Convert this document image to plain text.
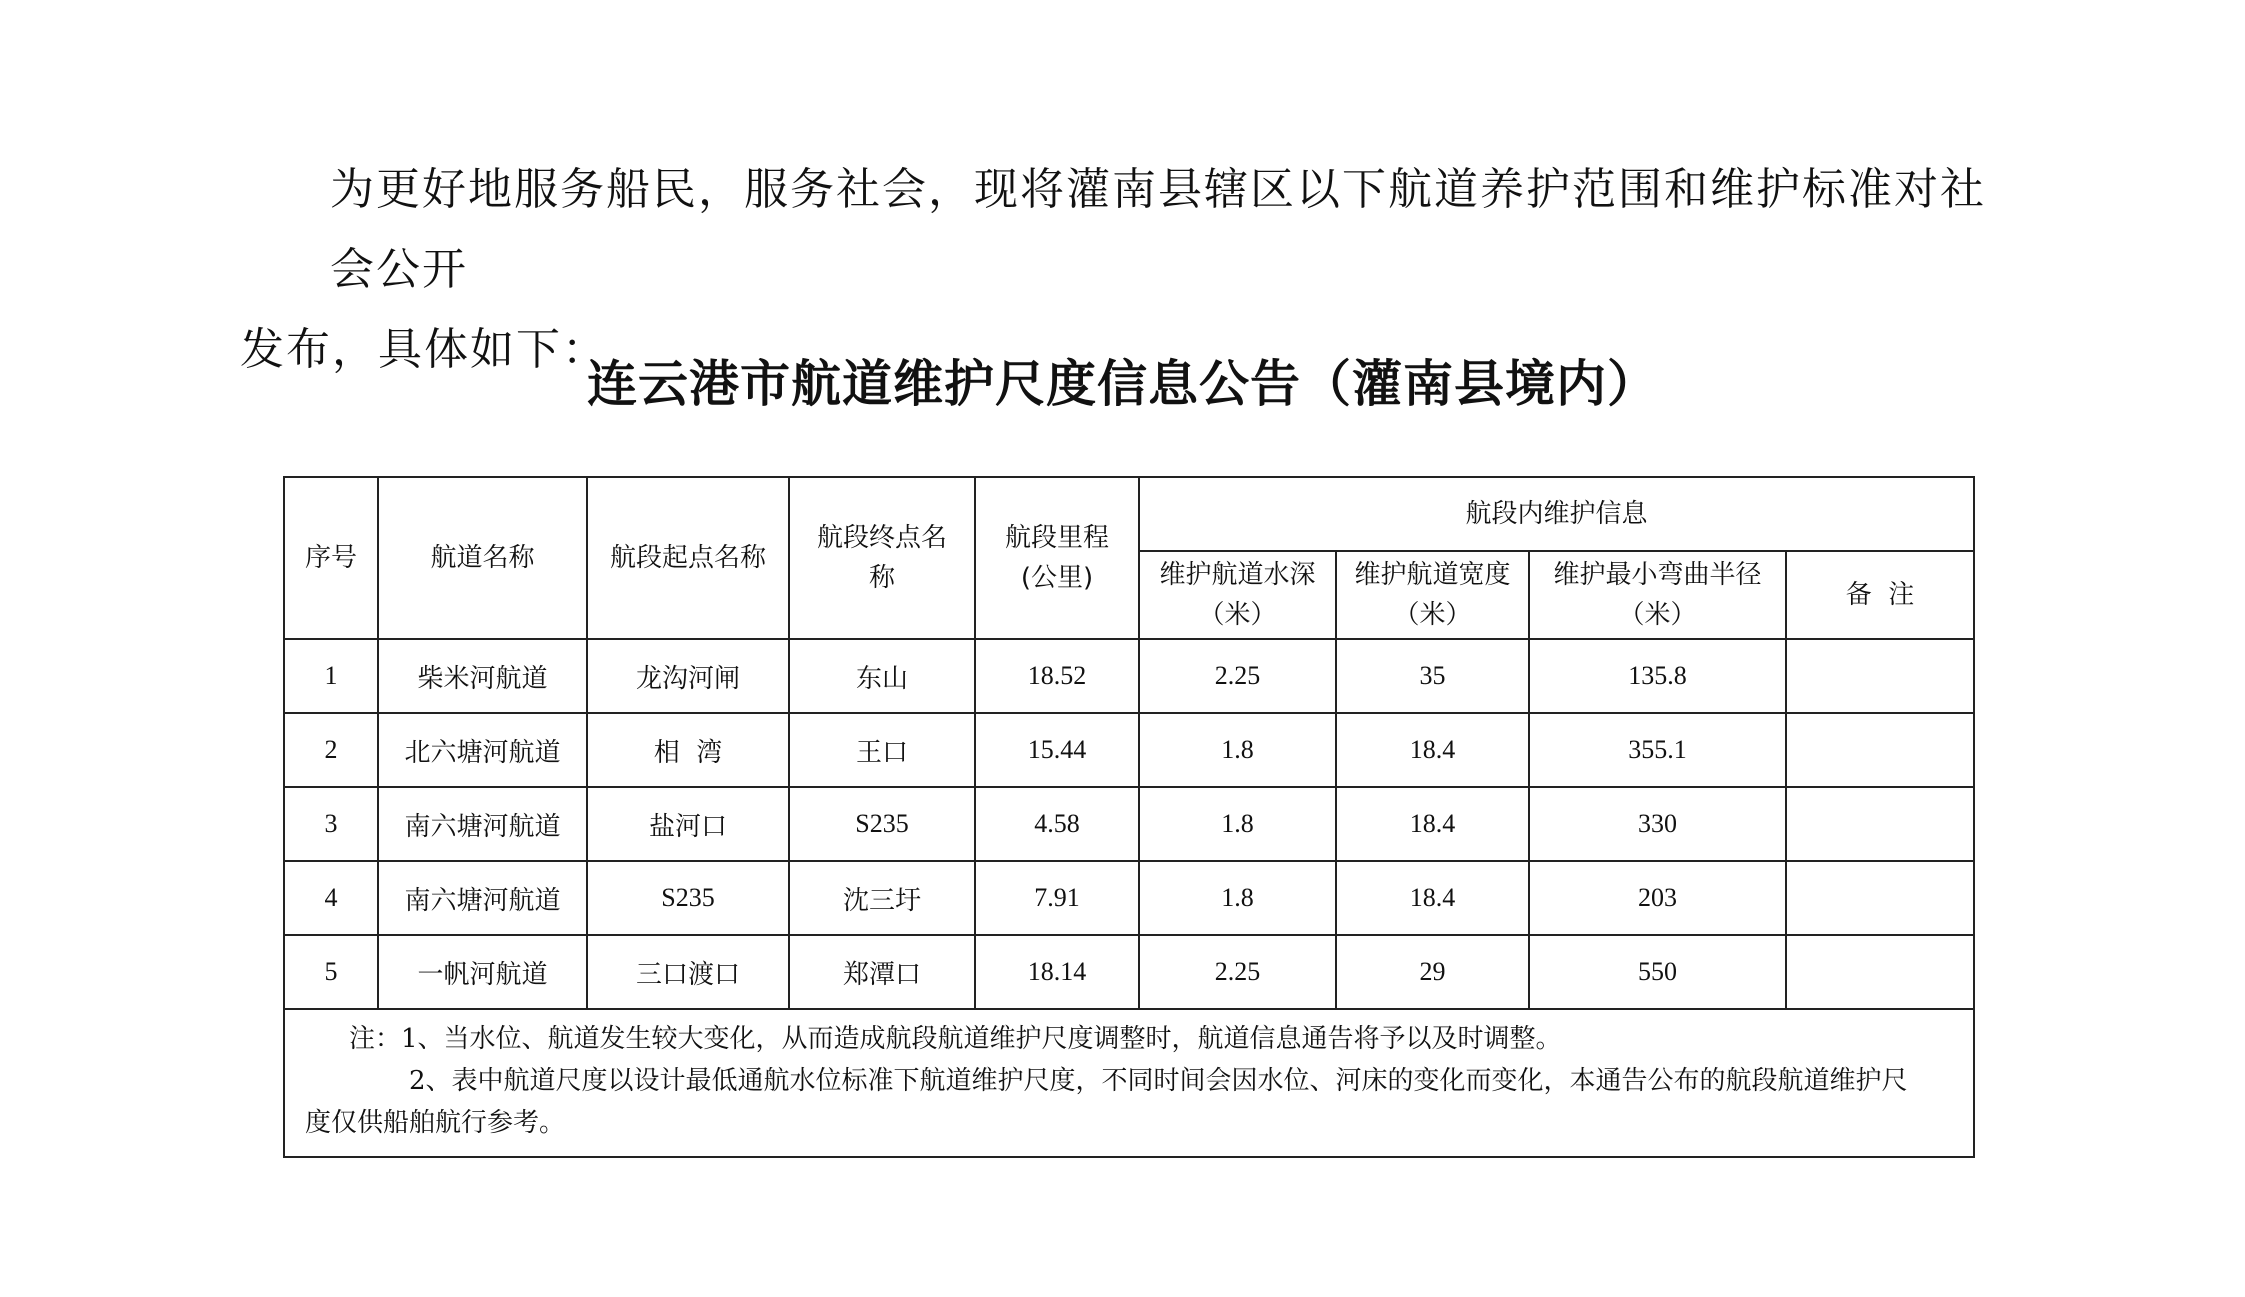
为更好地服务船民，服务社会，现将灌南县辖区以下航道养护范围和维护标准对社会公开
发布，具体如下：
连云港市航道维护尺度信息公告（灌南县境内）
序号	航道名称	航段起点名称	航段终点名称	航段里程(公里)	航段内维护信息			
					维护航道水深（米）	维护航道宽度（米）	维护最小弯曲半径（米）	备  注
1	柴米河航道	龙沟河闸	东山	18.52	2.25	35	135.8	
2	北六塘河航道	相  湾	王口	15.44	1.8	18.4	355.1	
3	南六塘河航道	盐河口	S235	4.58	1.8	18.4	330	
4	南六塘河航道	S235	沈三圩	7.91	1.8	18.4	203	
5	一帆河航道	三口渡口	郑潭口	18.14	2.25	29	550	

注：1、当水位、航道发生较大变化，从而造成航段航道维护尺度调整时，航道信息通告将予以及时调整。
2、表中航道尺度以设计最低通航水位标准下航道维护尺度，不同时间会因水位、河床的变化而变化，本通告公布的航段航道维护尺
度仅供船舶航行参考。								
